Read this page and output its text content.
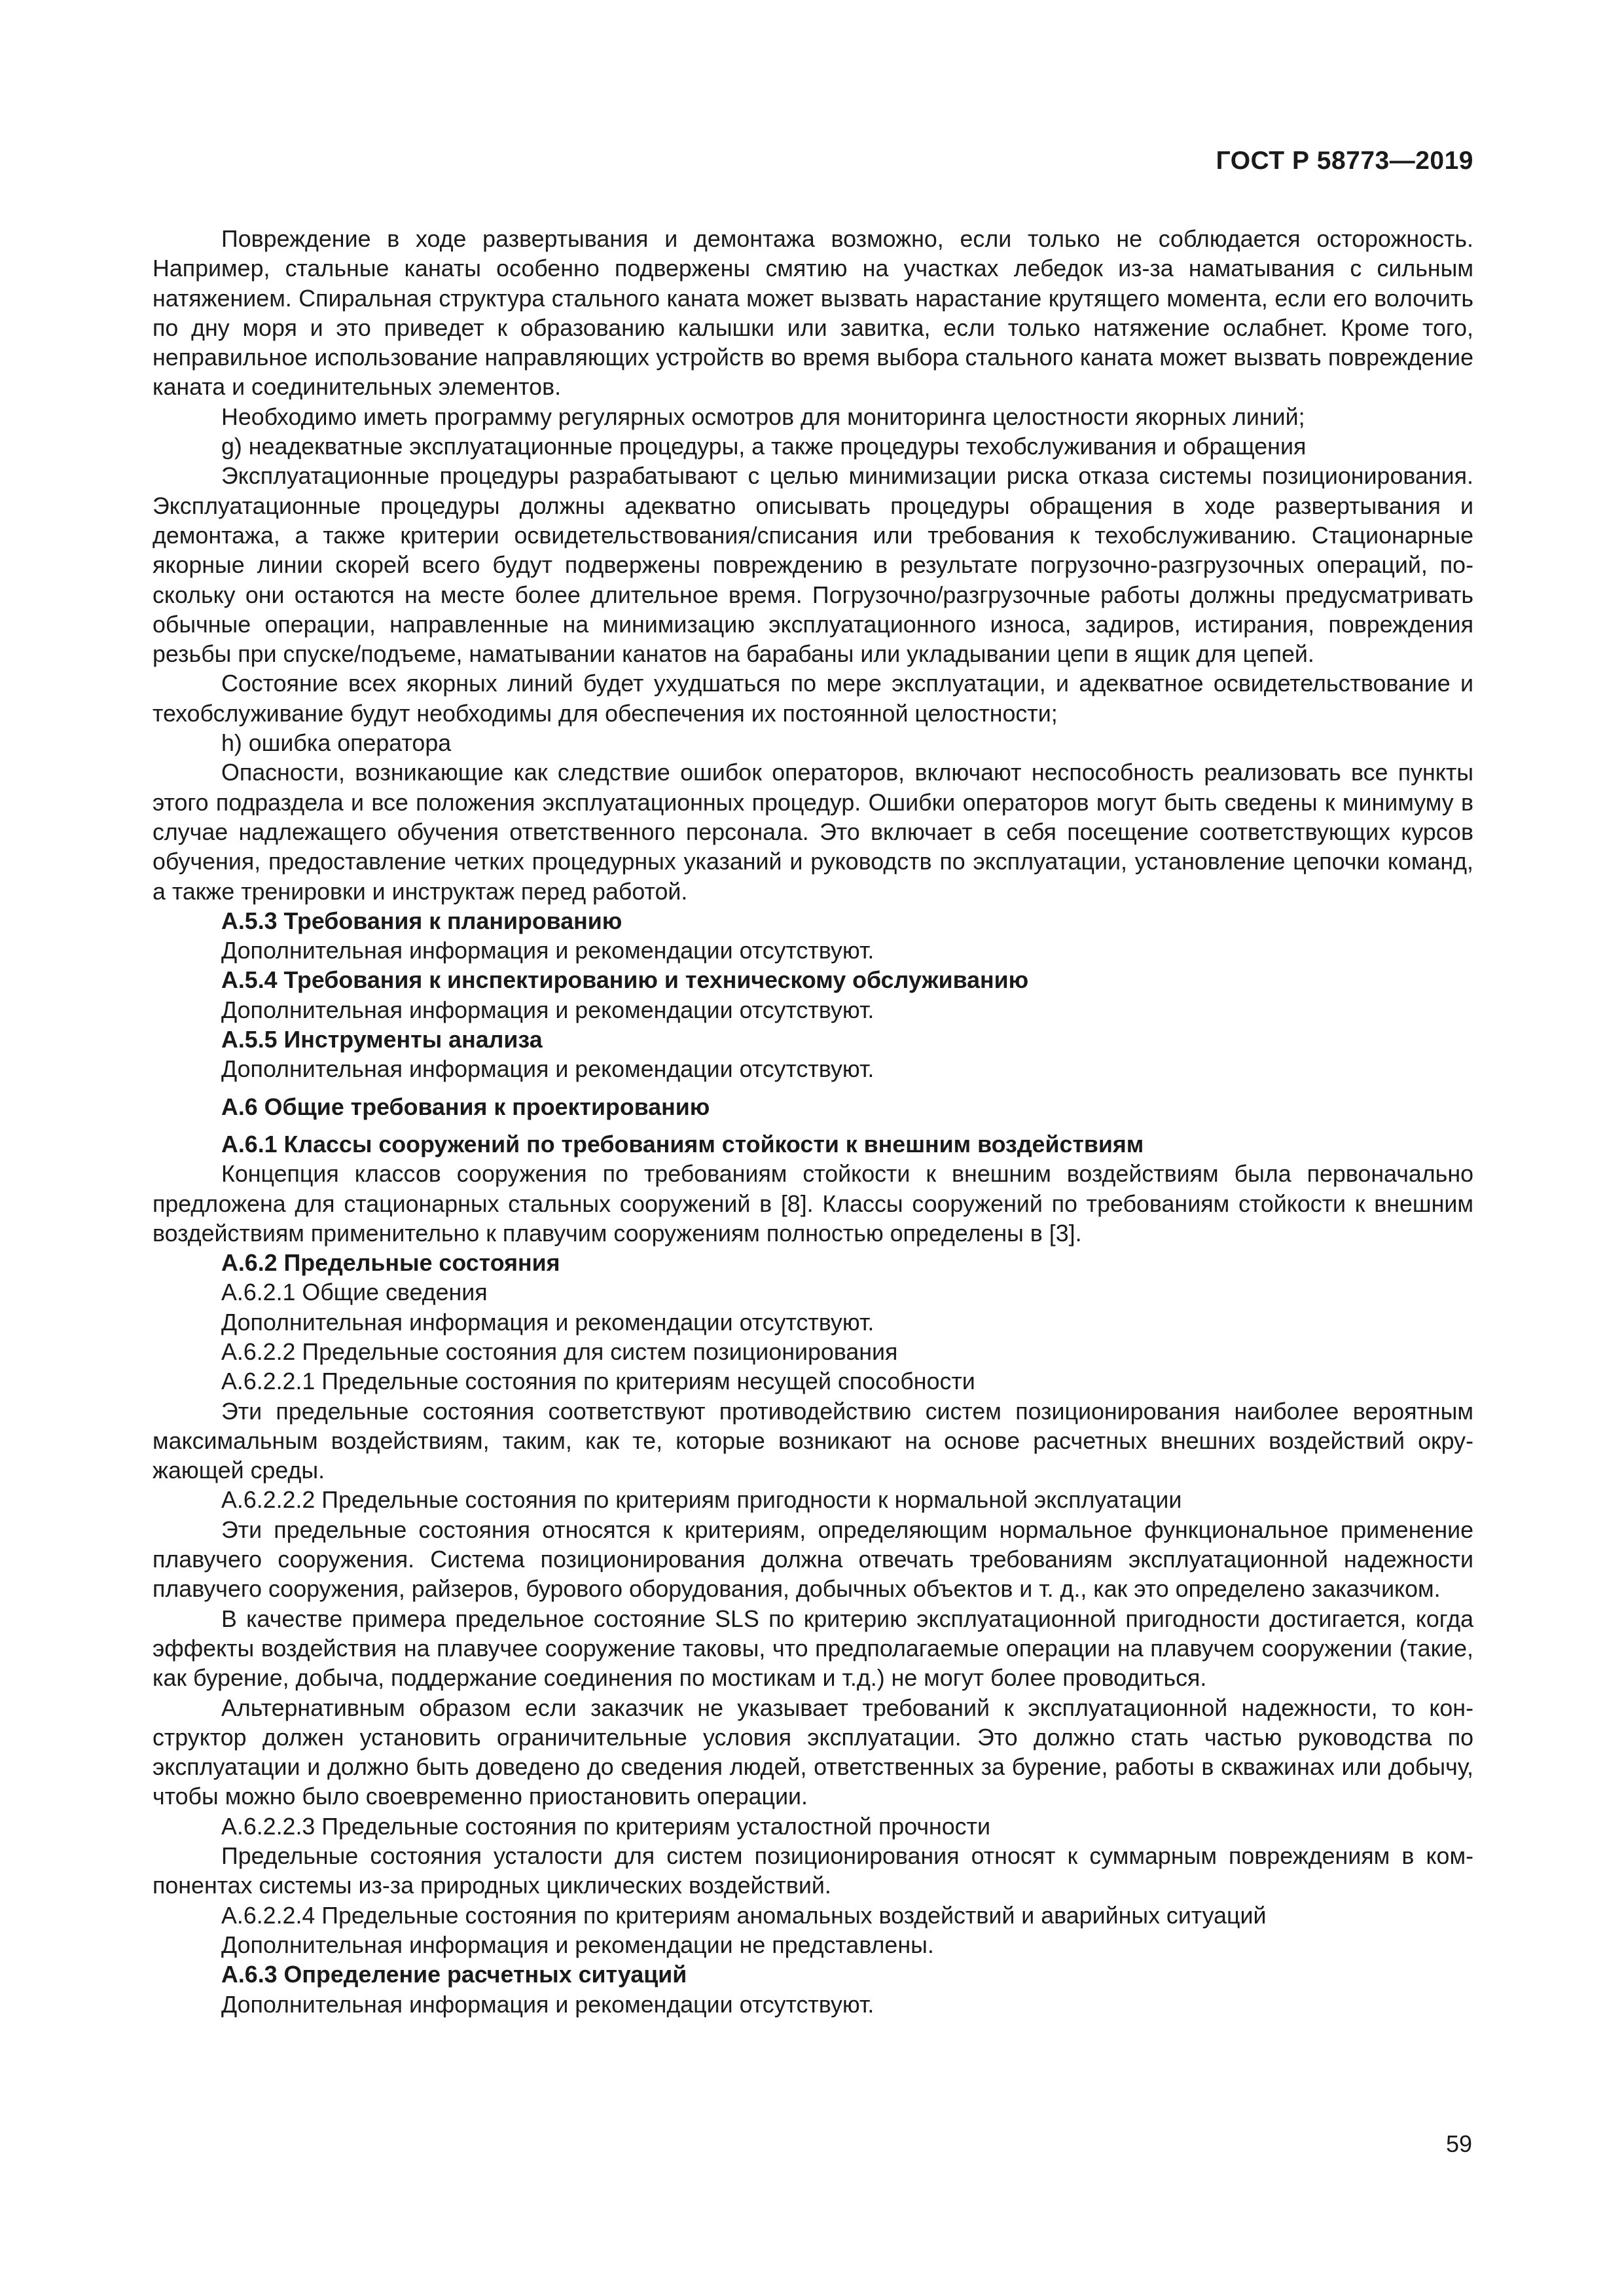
ГОСТ Р 58773—2019

Повреждение в ходе развертывания и демонтажа возможно, если только не соблюдается осторожность. Например, стальные канаты особенно подвержены смятию на участках лебедок из-за наматывания с сильным натяжением. Спиральная структура стального каната может вызвать нарастание крутящего момента, если его волочить по дну моря и это приведет к образованию калышки или завитка, если только натяжение ослабнет. Кроме того, неправильное использование направляющих устройств во время выбора стального каната может вызвать повреждение каната и соединительных элементов.

Необходимо иметь программу регулярных осмотров для мониторинга целостности якорных линий;

g) неадекватные эксплуатационные процедуры, а также процедуры техобслуживания и обращения

Эксплуатационные процедуры разрабатывают с целью минимизации риска отказа системы позиционирования. Эксплуатационные процедуры должны адекватно описывать процедуры обращения в ходе развертывания и демонтажа, а также критерии освидетельствования/списания или требования к техобслуживанию. Стационарные якорные линии скорей всего будут подвержены повреждению в результате погрузочно-разгрузочных операций, поскольку они остаются на месте более длительное время. Погрузочно/разгрузочные работы должны предусматривать обычные операции, направленные на минимизацию эксплуатационного износа, задиров, истирания, повреждения резьбы при спуске/подъеме, наматывании канатов на барабаны или укладывании цепи в ящик для цепей.

Состояние всех якорных линий будет ухудшаться по мере эксплуатации, и адекватное освидетельствование и техобслуживание будут необходимы для обеспечения их постоянной целостности;

h) ошибка оператора

Опасности, возникающие как следствие ошибок операторов, включают неспособность реализовать все пункты этого подраздела и все положения эксплуатационных процедур. Ошибки операторов могут быть сведены к минимуму в случае надлежащего обучения ответственного персонала. Это включает в себя посещение соответствующих курсов обучения, предоставление четких процедурных указаний и руководств по эксплуатации, установление цепочки команд, а также тренировки и инструктаж перед работой.

А.5.3 Требования к планированию

Дополнительная информация и рекомендации отсутствуют.

А.5.4 Требования к инспектированию и техническому обслуживанию

Дополнительная информация и рекомендации отсутствуют.

А.5.5 Инструменты анализа

Дополнительная информация и рекомендации отсутствуют.

А.6 Общие требования к проектированию

А.6.1 Классы сооружений по требованиям стойкости к внешним воздействиям

Концепция классов сооружения по требованиям стойкости к внешним воздействиям была первоначально предложена для стационарных стальных сооружений в [8]. Классы сооружений по требованиям стойкости к внешним воздействиям применительно к плавучим сооружениям полностью определены в [3].

А.6.2 Предельные состояния

А.6.2.1 Общие сведения

Дополнительная информация и рекомендации отсутствуют.

А.6.2.2 Предельные состояния для систем позиционирования

А.6.2.2.1 Предельные состояния по критериям несущей способности

Эти предельные состояния соответствуют противодействию систем позиционирования наиболее вероятным максимальным воздействиям, таким, как те, которые возникают на основе расчетных внешних воздействий окружающей среды.

А.6.2.2.2 Предельные состояния по критериям пригодности к нормальной эксплуатации

Эти предельные состояния относятся к критериям, определяющим нормальное функциональное применение плавучего сооружения. Система позиционирования должна отвечать требованиям эксплуатационной надежности плавучего сооружения, райзеров, бурового оборудования, добычных объектов и т. д., как это определено заказчиком.

В качестве примера предельное состояние SLS по критерию эксплуатационной пригодности достигается, когда эффекты воздействия на плавучее сооружение таковы, что предполагаемые операции на плавучем сооружении (такие, как бурение, добыча, поддержание соединения по мостикам и т.д.) не могут более проводиться.

Альтернативным образом если заказчик не указывает требований к эксплуатационной надежности, то конструктор должен установить ограничительные условия эксплуатации. Это должно стать частью руководства по эксплуатации и должно быть доведено до сведения людей, ответственных за бурение, работы в скважинах или добычу, чтобы можно было своевременно приостановить операции.

А.6.2.2.3 Предельные состояния по критериям усталостной прочности

Предельные состояния усталости для систем позиционирования относят к суммарным повреждениям в компонентах системы из-за природных циклических воздействий.

А.6.2.2.4 Предельные состояния по критериям аномальных воздействий и аварийных ситуаций

Дополнительная информация и рекомендации не представлены.

А.6.3 Определение расчетных ситуаций

Дополнительная информация и рекомендации отсутствуют.

59
